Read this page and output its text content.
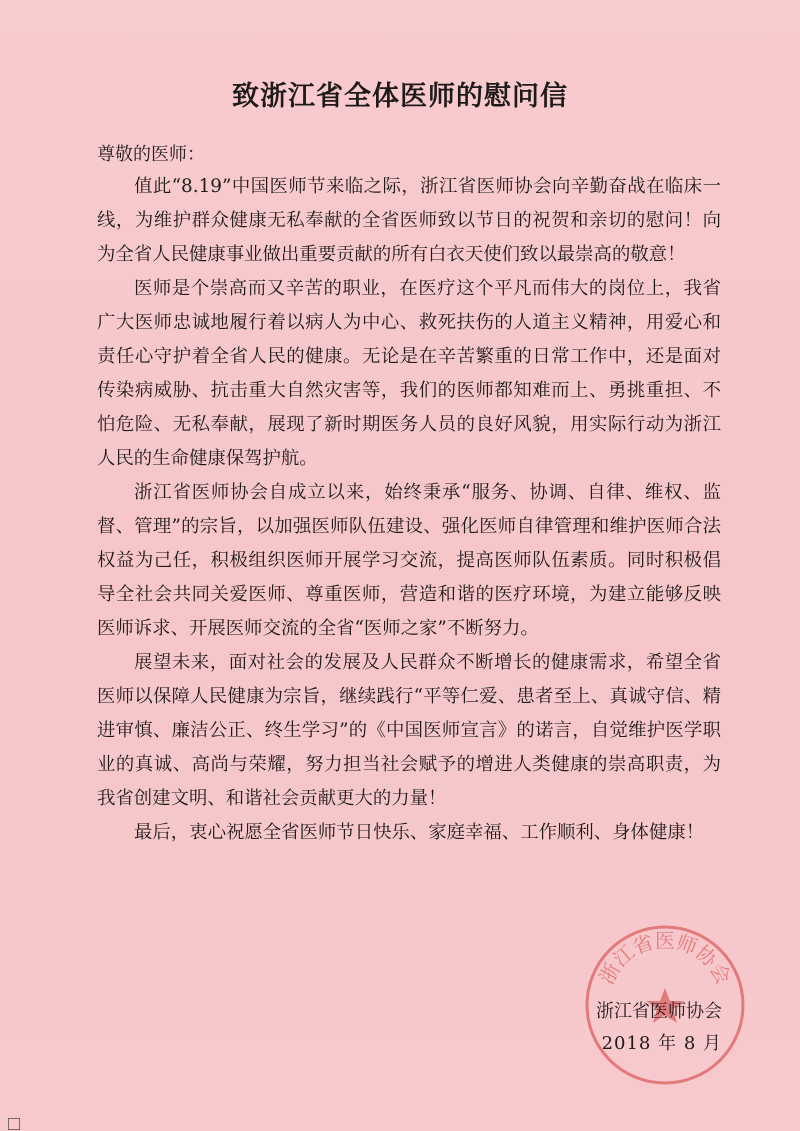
致浙江省全体医师的慰问信
尊敬的医师：

值此“8.19”中国医师节来临之际，浙江省医师协会向辛勤奋战在临床一线，为维护群众健康无私奉献的全省医师致以节日的祝贺和亲切的慰问！向为全省人民健康事业做出重要贡献的所有白衣天使们致以最崇高的敬意！

医师是个崇高而又辛苦的职业，在医疗这个平凡而伟大的岗位上，我省广大医师忠诚地履行着以病人为中心、救死扶伤的人道主义精神，用爱心和责任心守护着全省人民的健康。无论是在辛苦繁重的日常工作中，还是面对传染病威胁、抗击重大自然灾害等，我们的医师都知难而上、勇挑重担、不怕危险、无私奉献，展现了新时期医务人员的良好风貌，用实际行动为浙江人民的生命健康保驾护航。

浙江省医师协会自成立以来，始终秉承“服务、协调、自律、维权、监督、管理”的宗旨，以加强医师队伍建设、强化医师自律管理和维护医师合法权益为己任，积极组织医师开展学习交流，提高医师队伍素质。同时积极倡导全社会共同关爱医师、尊重医师，营造和谐的医疗环境，为建立能够反映医师诉求、开展医师交流的全省“医师之家”不断努力。

展望未来，面对社会的发展及人民群众不断增长的健康需求，希望全省医师以保障人民健康为宗旨，继续践行“平等仁爱、患者至上、真诚守信、精进审慎、廉洁公正、终生学习”的《中国医师宣言》的诺言，自觉维护医学职业的真诚、高尚与荣耀，努力担当社会赋予的增进人类健康的崇高职责，为我省创建文明、和谐社会贡献更大的力量！

最后，衷心祝愿全省医师节日快乐、家庭幸福、工作顺利、身体健康！

浙江省医师协会
浙江省医师协会
2018 年 8 月
